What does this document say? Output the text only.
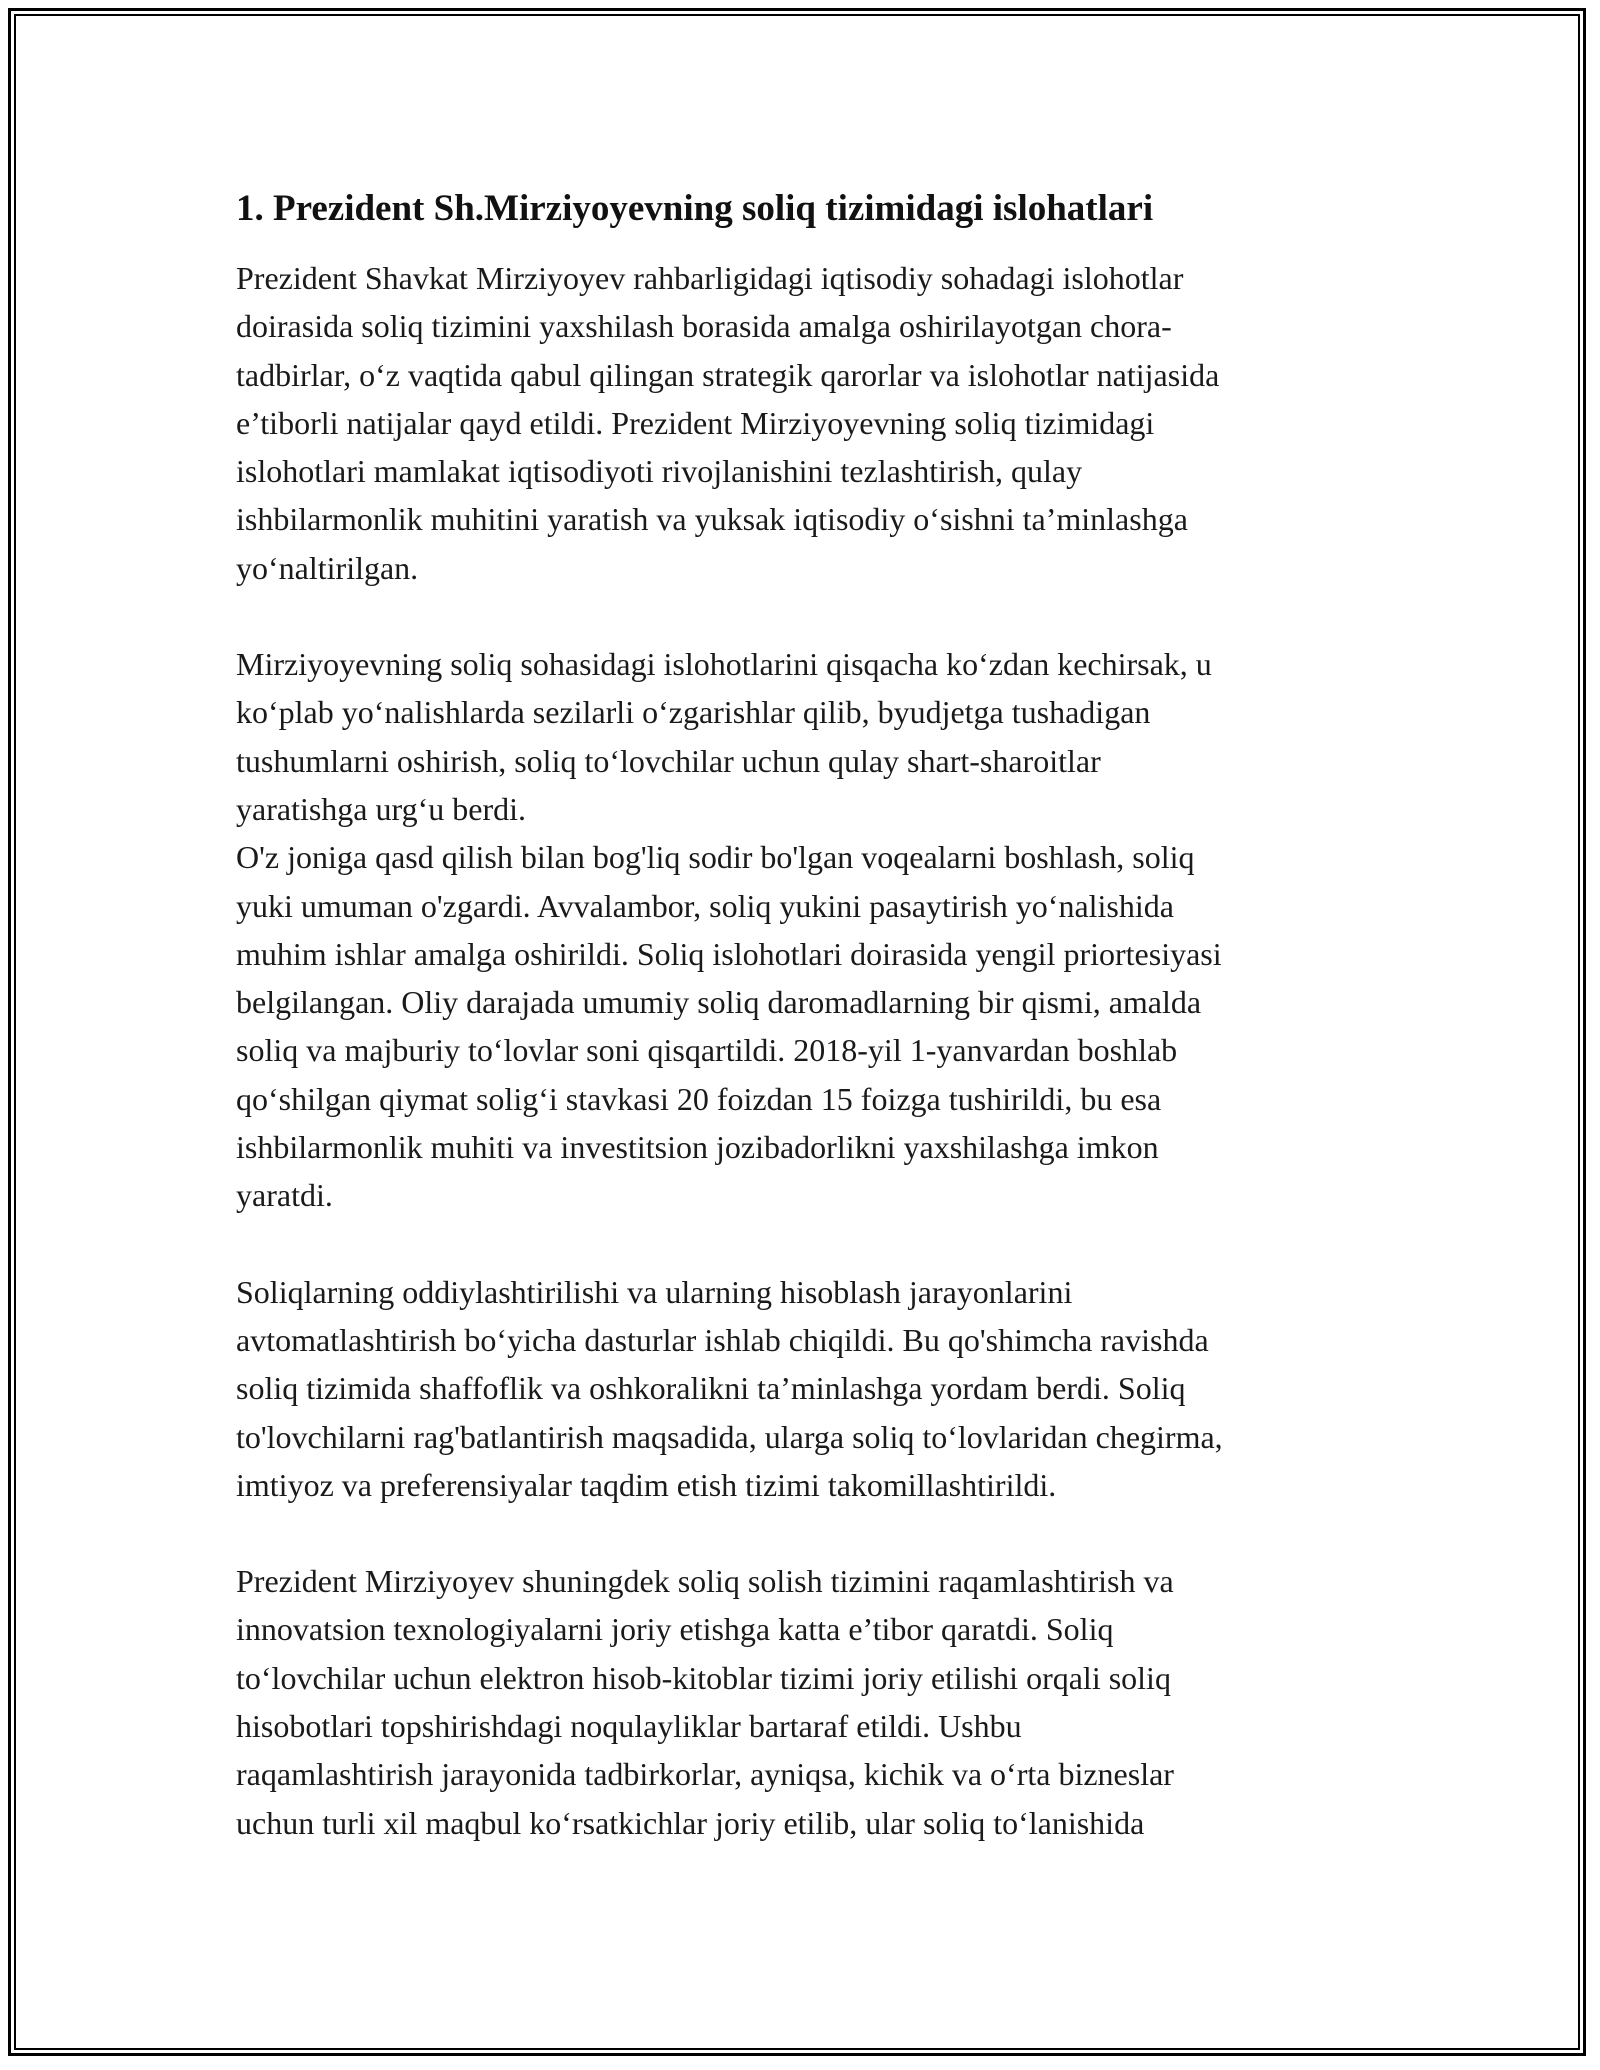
1. Prezident Sh.Mirziyoyevning soliq tizimidagi islohatlari

Prezident Shavkat Mirziyoyev rahbarligidagi iqtisodiy sohadagi islohotlar
doirasida soliq tizimini yaxshilash borasida amalga oshirilayotgan chora-
tadbirlar, o‘z vaqtida qabul qilingan strategik qarorlar va islohotlar natijasida
e’tiborli natijalar qayd etildi. Prezident Mirziyoyevning soliq tizimidagi
islohotlari mamlakat iqtisodiyoti rivojlanishini tezlashtirish, qulay
ishbilarmonlik muhitini yaratish va yuksak iqtisodiy o‘sishni ta’minlashga
yo‘naltirilgan.

Mirziyoyevning soliq sohasidagi islohotlarini qisqacha ko‘zdan kechirsak, u
ko‘plab yo‘nalishlarda sezilarli o‘zgarishlar qilib, byudjetga tushadigan
tushumlarni oshirish, soliq to‘lovchilar uchun qulay shart-sharoitlar
yaratishga urg‘u berdi.

O'z joniga qasd qilish bilan bog'liq sodir bo'lgan voqealarni boshlash, soliq
yuki umuman o'zgardi. Avvalambor, soliq yukini pasaytirish yo‘nalishida
muhim ishlar amalga oshirildi. Soliq islohotlari doirasida yengil priortesiyasi
belgilangan. Oliy darajada umumiy soliq daromadlarning bir qismi, amalda
soliq va majburiy to‘lovlar soni qisqartildi. 2018-yil 1-yanvardan boshlab
qo‘shilgan qiymat solig‘i stavkasi 20 foizdan 15 foizga tushirildi, bu esa
ishbilarmonlik muhiti va investitsion jozibadorlikni yaxshilashga imkon
yaratdi.

Soliqlarning oddiylashtirilishi va ularning hisoblash jarayonlarini
avtomatlashtirish bo‘yicha dasturlar ishlab chiqildi. Bu qo'shimcha ravishda
soliq tizimida shaffoflik va oshkoralikni ta’minlashga yordam berdi. Soliq
to'lovchilarni rag'batlantirish maqsadida, ularga soliq to‘lovlaridan chegirma,
imtiyoz va preferensiyalar taqdim etish tizimi takomillashtirildi.

Prezident Mirziyoyev shuningdek soliq solish tizimini raqamlashtirish va
innovatsion texnologiyalarni joriy etishga katta e’tibor qaratdi. Soliq
to‘lovchilar uchun elektron hisob-kitoblar tizimi joriy etilishi orqali soliq
hisobotlari topshirishdagi noqulayliklar bartaraf etildi. Ushbu
raqamlashtirish jarayonida tadbirkorlar, ayniqsa, kichik va o‘rta bizneslar
uchun turli xil maqbul ko‘rsatkichlar joriy etilib, ular soliq to‘lanishida
